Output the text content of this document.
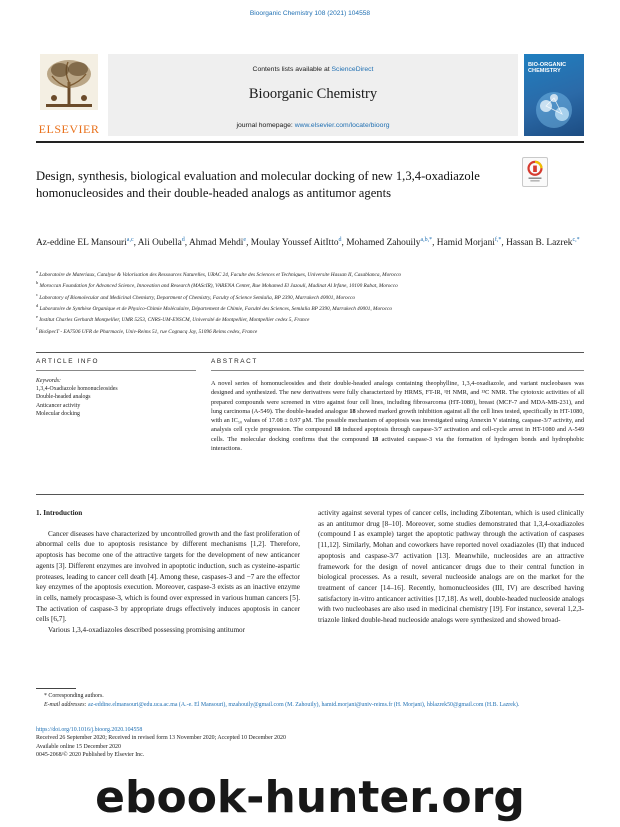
Bioorganic Chemistry 108 (2021) 104558
ELSEVIER
Contents lists available at ScienceDirect
Bioorganic Chemistry
journal homepage: www.elsevier.com/locate/bioorg
BIO-ORGANIC
CHEMISTRY
Design, synthesis, biological evaluation and molecular docking of new 1,3,4-oxadiazole homonucleosides and their double-headed analogs as antitumor agents
Az-eddine EL Mansouri$^{a,c}$, Ali Oubella$^d$, Ahmad Mehdi$^e$, Moulay Youssef AitItto$^d$, Mohamed Zahouily$^{a,b,*}$, Hamid Morjani$^{f,*}$, Hassan B. Lazrek$^{c,*}$
$^a$ Laboratoire de Materiaux, Catalyse & Valorisation des Ressources Naturelles, URAC 24, Faculte des Sciences et Techniques, Universite Hassan II, Casablanca, Morocco
$^b$ Moroccan Foundation for Advanced Science, Innovation and Research (MAScIR), VARENA Center, Rue Mohamed El Jazouli, Madinat Al Irfane, 10100 Rabat, Morocco
$^c$ Laboratory of Biomolecular and Medicinal Chemistry, Department of Chemistry, Faculty of Science Semlalia, BP 2390, Marrakech 40001, Morocco
$^d$ Laboratoire de Synthèse Organique et de Physico-Chimie Moléculaire, Département de Chimie, Faculté des Sciences, Semlalia BP 2390, Marrakech 40001, Morocco
$^e$ Institut Charles Gerhardt Montpellier, UMR 5253, CNRS-UM-ENSCM, Université de Montpellier, Montpellier cedex 5, France
$^f$ BioSpecT - EA7506 UFR de Pharmacie, Univ-Reims 51, rue Cognacq Jay, 51096 Reims cedex, France
ARTICLE INFO	ABSTRACT
Keywords:
1,3,4-Oxadiazole homonucleosides
Double-headed analogs
Anticancer activity
Molecular docking
A novel series of homonucleosides and their double-headed analogs containing theophylline, 1,3,4-oxadiazole, and variant nucleobases was designed and synthesized. The new derivatives were fully characterized by HRMS, FT-IR, ¹H NMR, and ¹³C NMR. The cytotoxic activities of all prepared compounds were screened in vitro against four cell lines, including fibrosarcoma (HT-1080), breast (MCF-7 and MDA-MB-231), and lung carcinoma (A-549). The double-headed analogue 18 showed marked growth inhibition against all the cell lines tested, specifically in HT-1080, with an IC₅₀ values of 17.08 ± 0.97 μM. The possible mechanism of apoptosis was investigated using Annexin V staining, caspase-3/7 activity, and analysis cell cycle progression. The compound 18 induced apoptosis through caspase-3/7 activation and cell-cycle arrest in HT-1080 and A-549 cells. The molecular docking confirms that the compound 18 activated caspase-3 via the formation of hydrogen bonds and hydrophobic interactions.
1. Introduction

Cancer diseases have characterized by uncontrolled growth and the fast proliferation of abnormal cells due to apoptosis resistance by different mechanisms [1,2]. Therefore, apoptosis has become one of the attractive targets for the development of new anticancer agents [3]. Different enzymes are involved in apoptotic induction, such as cysteine-aspartic proteases, leading to cancer cell death [4]. Among these, caspases-3 and −7 are the effector key enzymes of the apoptosis execution. Moreover, caspase-3 exists as an inactive enzyme in cells, namely procaspase-3, which is found over expressed in various human cancers [5]. The activation of caspase-3 by appropriate drugs effectively induces apoptosis in cancer cells [6,7].

Various 1,3,4-oxadiazoles described possessing promising antitumor

activity against several types of cancer cells, including Zibotentan, which is used clinically as an antitumor drug [8–10]. Moreover, some studies demonstrated that 1,3,4-oxadiazoles (compound I as example) target the apoptotic pathway through the activation of caspases [11,12]. Similarly, Mohan and coworkers have reported novel oxadiazoles (II) that induced apoptosis and caspase-3/7 activation [13]. Meanwhile, nucleosides are an attractive framework for the design of novel anticancer drugs due to their central function in biological processes. As a result, several nucleoside analogs are on the market for the treatment of cancer [14–16]. Recently, homonucleosides (III, IV) are described having satisfactory in-vitro anticancer activities [17,18]. As well, double-headed nucleoside analogs with two nucleobases are also used in medicinal chemistry [19]. For instance, several 1,2,3-triazole linked double-head nucleoside analogs were synthesized and showed broad-

* Corresponding authors.
E-mail addresses: az-eddine.elmansouri@edu.uca.ac.ma (A.-e. El Mansouri), mzahouily@gmail.com (M. Zahouily), hamid.morjani@univ-reims.fr (H. Morjani), hblazrek50@gmail.com (H.B. Lazrek).
https://doi.org/10.1016/j.bioorg.2020.104558
Received 26 September 2020; Received in revised form 13 November 2020; Accepted 10 December 2020
Available online 15 December 2020
0045-2068/© 2020 Published by Elsevier Inc.
ebook-hunter.org
